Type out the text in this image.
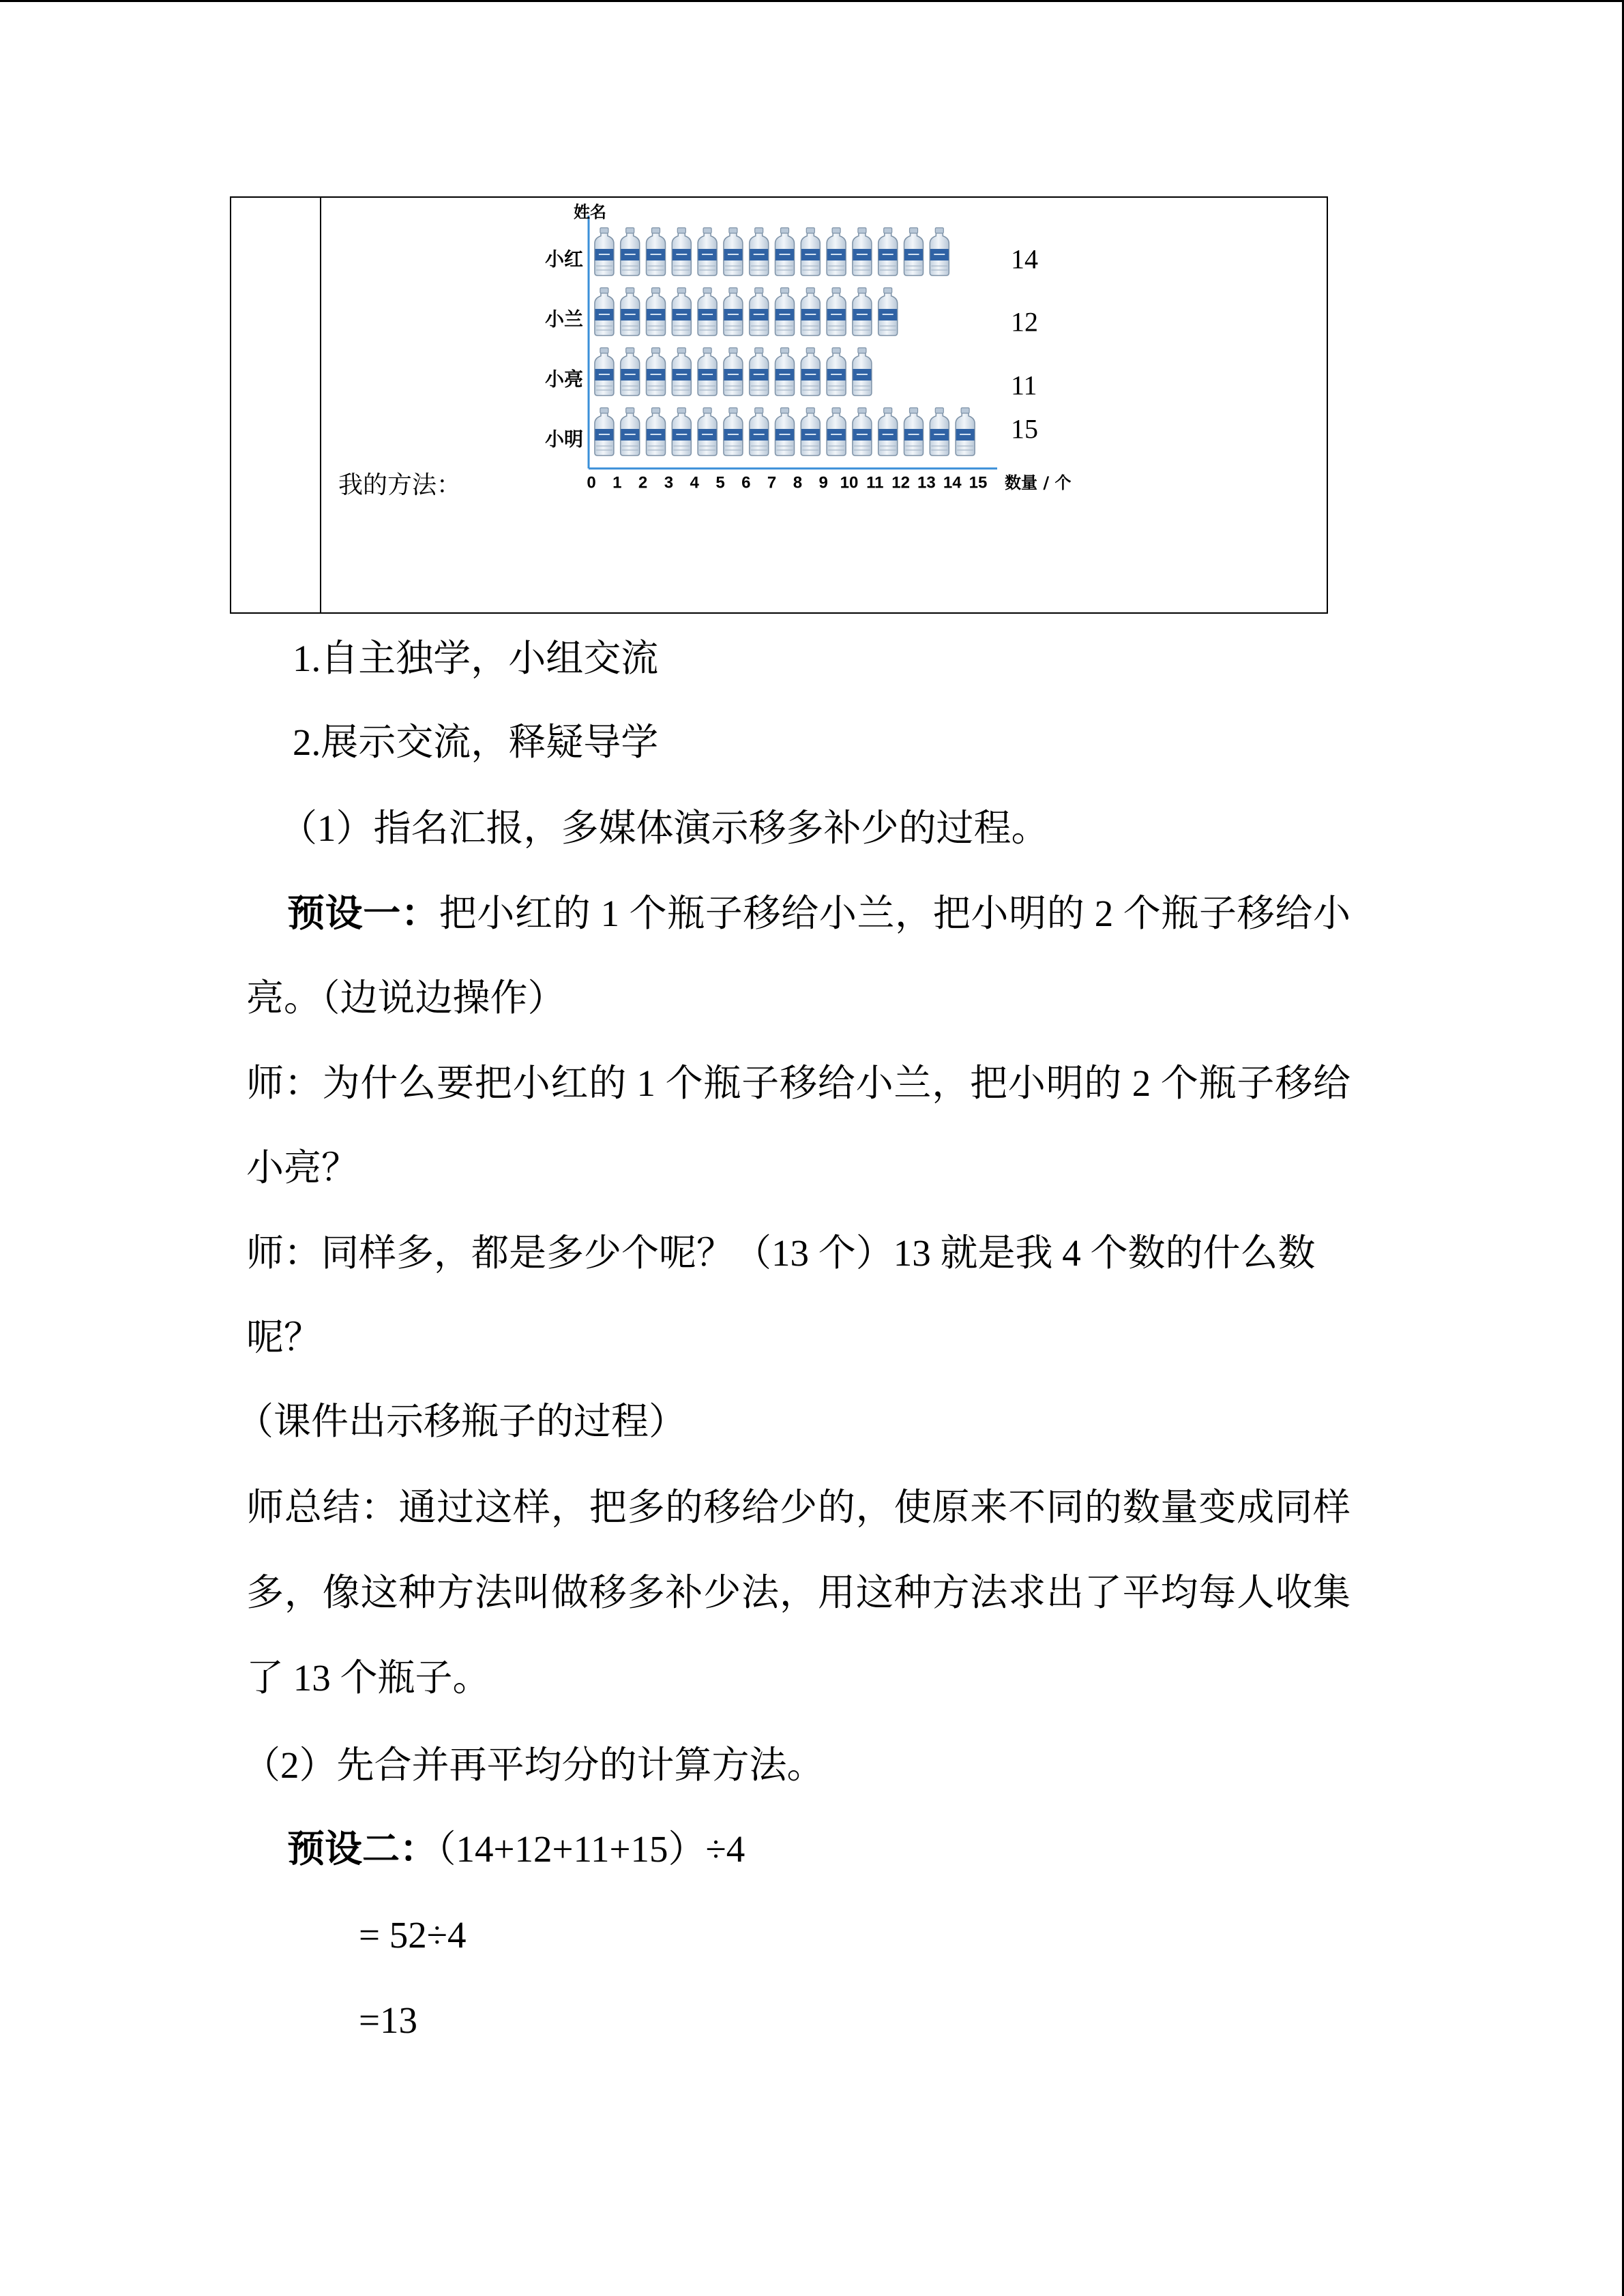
我的方法：
姓名
数量 / 个
0 1 2 3 4 5 6 7 8 9 10 11 12 13 14 15
小红	14
小兰	12
小亮	11
小明	15
1.自主独学，小组交流
2.展示交流，释疑导学
（1）指名汇报，多媒体演示移多补少的过程。
预设一：把小红的 1 个瓶子移给小兰，把小明的 2 个瓶子移给小
亮。（边说边操作）
师：为什么要把小红的 1 个瓶子移给小兰，把小明的 2 个瓶子移给
小亮？
师：同样多，都是多少个呢？（13 个）13 就是我 4 个数的什么数
呢？
（课件出示移瓶子的过程）
师总结：通过这样，把多的移给少的，使原来不同的数量变成同样
多，像这种方法叫做移多补少法，用这种方法求出了平均每人收集
了 13 个瓶子。
（2）先合并再平均分的计算方法。
预设二：（14+12+11+15）÷4
= 52÷4
=13
